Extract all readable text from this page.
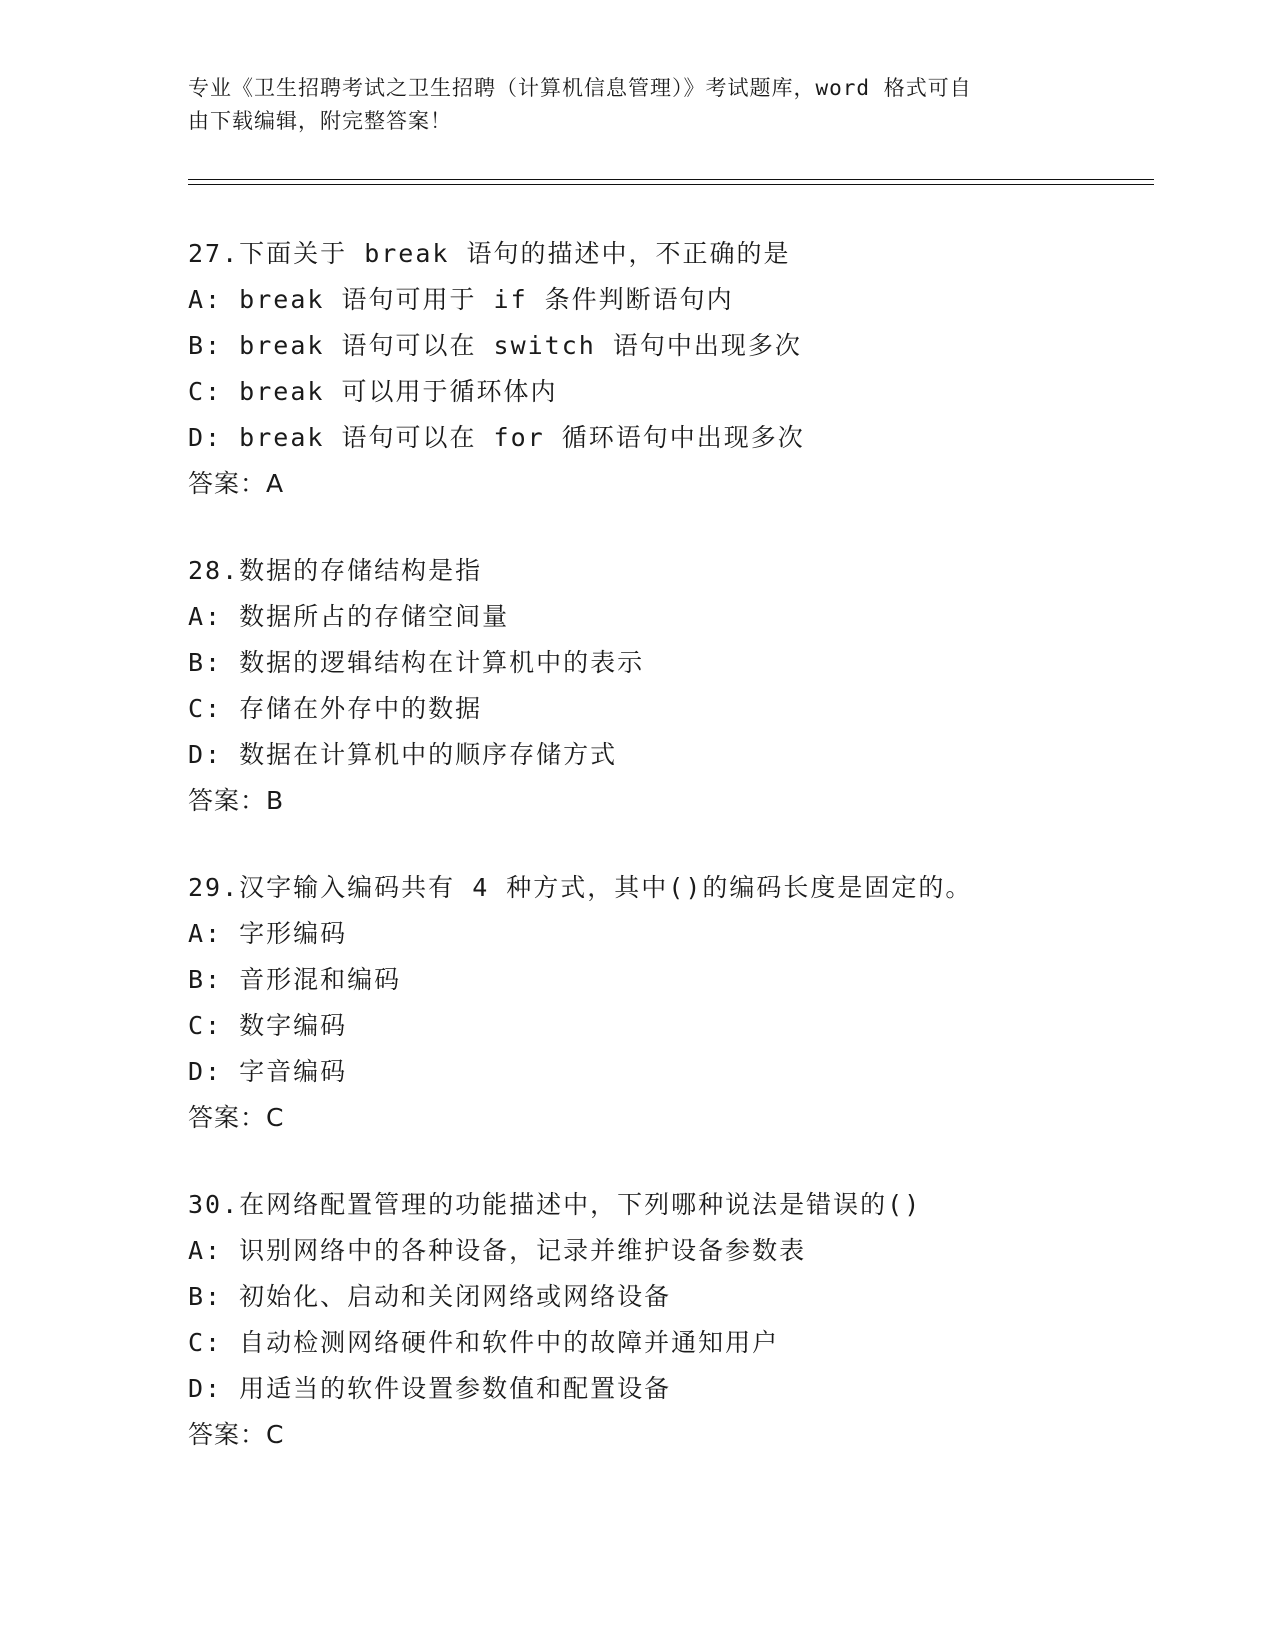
专业《卫生招聘考试之卫生招聘（计算机信息管理）》考试题库，word 格式可自
由下载编辑，附完整答案！
27.下面关于 break 语句的描述中，不正确的是
A: break 语句可用于 if 条件判断语句内
B: break 语句可以在 switch 语句中出现多次
C: break 可以用于循环体内
D: break 语句可以在 for 循环语句中出现多次
答案：A
28.数据的存储结构是指
A: 数据所占的存储空间量
B: 数据的逻辑结构在计算机中的表示
C: 存储在外存中的数据
D: 数据在计算机中的顺序存储方式
答案：B
29.汉字输入编码共有 4 种方式，其中()的编码长度是固定的。
A: 字形编码
B: 音形混和编码
C: 数字编码
D: 字音编码
答案：C
30.在网络配置管理的功能描述中，下列哪种说法是错误的()
A: 识别网络中的各种设备，记录并维护设备参数表
B: 初始化、启动和关闭网络或网络设备
C: 自动检测网络硬件和软件中的故障并通知用户
D: 用适当的软件设置参数值和配置设备
答案：C
